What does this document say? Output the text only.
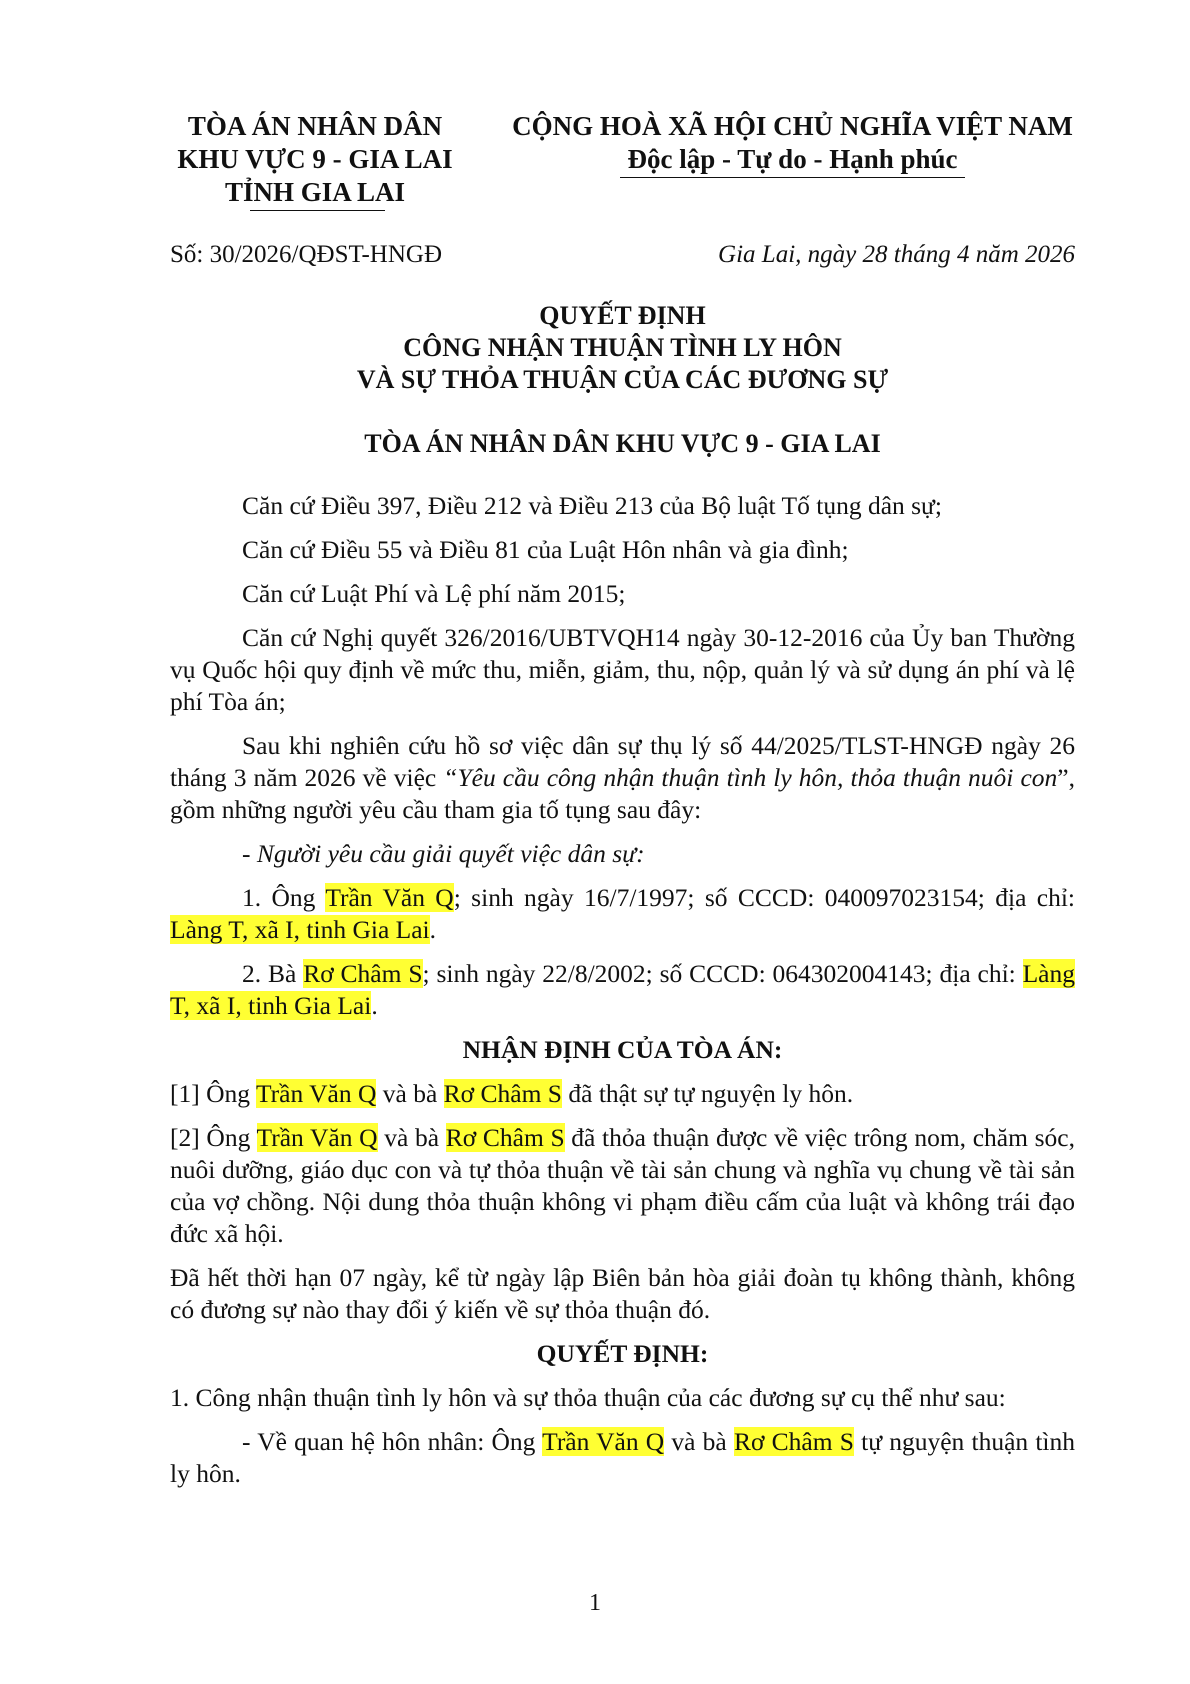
TÒA ÁN NHÂN DÂN
KHU VỰC 9 - GIA LAI
TỈNH GIA LAI
CỘNG HOÀ XÃ HỘI CHỦ NGHĨA VIỆT NAM
Độc lập - Tự do - Hạnh phúc
Số: 30/2026/QĐST-HNGĐ	Gia Lai, ngày 28 tháng 4 năm 2026
QUYẾT ĐỊNH
CÔNG NHẬN THUẬN TÌNH LY HÔN
VÀ SỰ THỎA THUẬN CỦA CÁC ĐƯƠNG SỰ
TÒA ÁN NHÂN DÂN KHU VỰC 9 - GIA LAI

Căn cứ Điều 397, Điều 212 và Điều 213 của Bộ luật Tố tụng dân sự;

Căn cứ Điều 55 và Điều 81 của Luật Hôn nhân và gia đình;

Căn cứ Luật Phí và Lệ phí năm 2015;

Căn cứ Nghị quyết 326/2016/UBTVQH14 ngày 30-12-2016 của Ủy ban Thường vụ Quốc hội quy định về mức thu, miễn, giảm, thu, nộp, quản lý và sử dụng án phí và lệ phí Tòa án;

Sau khi nghiên cứu hồ sơ việc dân sự thụ lý số 44/2025/TLST-HNGĐ ngày 26 tháng 3 năm 2026 về việc “Yêu cầu công nhận thuận tình ly hôn, thỏa thuận nuôi con”, gồm những người yêu cầu tham gia tố tụng sau đây:

- Người yêu cầu giải quyết việc dân sự:

1. Ông Trần Văn Q; sinh ngày 16/7/1997; số CCCD: 040097023154; địa chỉ: Làng T, xã I, tinh Gia Lai.

2. Bà Rơ Châm S; sinh ngày 22/8/2002; số CCCD: 064302004143; địa chỉ: Làng T, xã I, tinh Gia Lai.

NHẬN ĐỊNH CỦA TÒA ÁN:

[1] Ông Trần Văn Q và bà Rơ Châm S đã thật sự tự nguyện ly hôn.

[2] Ông Trần Văn Q và bà Rơ Châm S đã thỏa thuận được về việc trông nom, chăm sóc, nuôi dưỡng, giáo dục con và tự thỏa thuận về tài sản chung và nghĩa vụ chung về tài sản của vợ chồng. Nội dung thỏa thuận không vi phạm điều cấm của luật và không trái đạo đức xã hội.

Đã hết thời hạn 07 ngày, kể từ ngày lập Biên bản hòa giải đoàn tụ không thành, không có đương sự nào thay đổi ý kiến về sự thỏa thuận đó.

QUYẾT ĐỊNH:

1. Công nhận thuận tình ly hôn và sự thỏa thuận của các đương sự cụ thể như sau:

- Về quan hệ hôn nhân: Ông Trần Văn Q và bà Rơ Châm S tự nguyện thuận tình ly hôn.

1
